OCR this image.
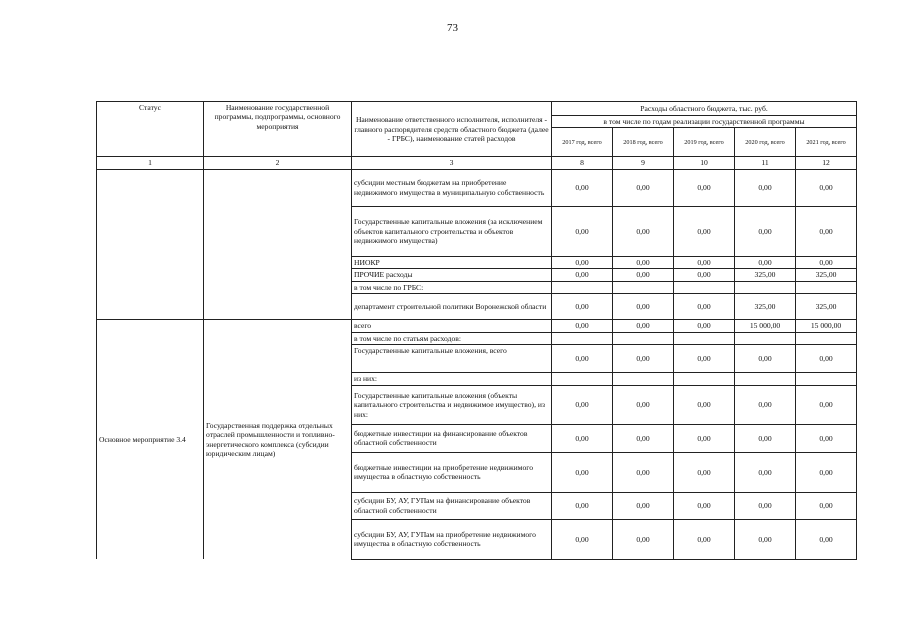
73
Статус	Наименование государственной программы, подпрограммы, основного мероприятия	Наименование ответственного исполнителя, исполнителя - главного распорядителя средств областного бюджета (далее - ГРБС), наименование статей расходов	Расходы областного бюджета, тыс. руб.				
			в том числе по годам реализации государственной программы				
			2017 год, всего	2018 год, всего	2019 год, всего	2020 год, всего	2021 год, всего
1	2	3	8	9	10	11	12
		субсидии местным бюджетам на приобретение недвижимого имущества в муниципальную собственность	0,00	0,00	0,00	0,00	0,00
		Государственные капитальные вложения (за исключением объектов капитального строительства и объектов недвижимого имущества)	0,00	0,00	0,00	0,00	0,00
		НИОКР	0,00	0,00	0,00	0,00	0,00
		ПРОЧИЕ расходы	0,00	0,00	0,00	325,00	325,00
		в том числе по ГРБС:					
		департамент строительной политики Воронежской области	0,00	0,00	0,00	325,00	325,00
Основное мероприятие 3.4	Государственная поддержка отдельных отраслей промышленности и топливно-энергетического комплекса (субсидии юридическим лицам)	всего	0,00	0,00	0,00	15 000,00	15 000,00
		в том числе по статьям расходов:					
		Государственные капитальные вложения, всего	0,00	0,00	0,00	0,00	0,00
		из них:					
		Государственные капитальные вложения (объекты капитального строительства и недвижимое имущество), из них:	0,00	0,00	0,00	0,00	0,00
		бюджетные инвестиции на финансирование объектов областной собственности	0,00	0,00	0,00	0,00	0,00
		бюджетные инвестиции на приобретение недвижимого имущества в областную собственность	0,00	0,00	0,00	0,00	0,00
		субсидии БУ, АУ, ГУПам на финансирование объектов областной собственности	0,00	0,00	0,00	0,00	0,00
		субсидии БУ, АУ, ГУПам на приобретение недвижимого имущества в областную собственность	0,00	0,00	0,00	0,00	0,00
